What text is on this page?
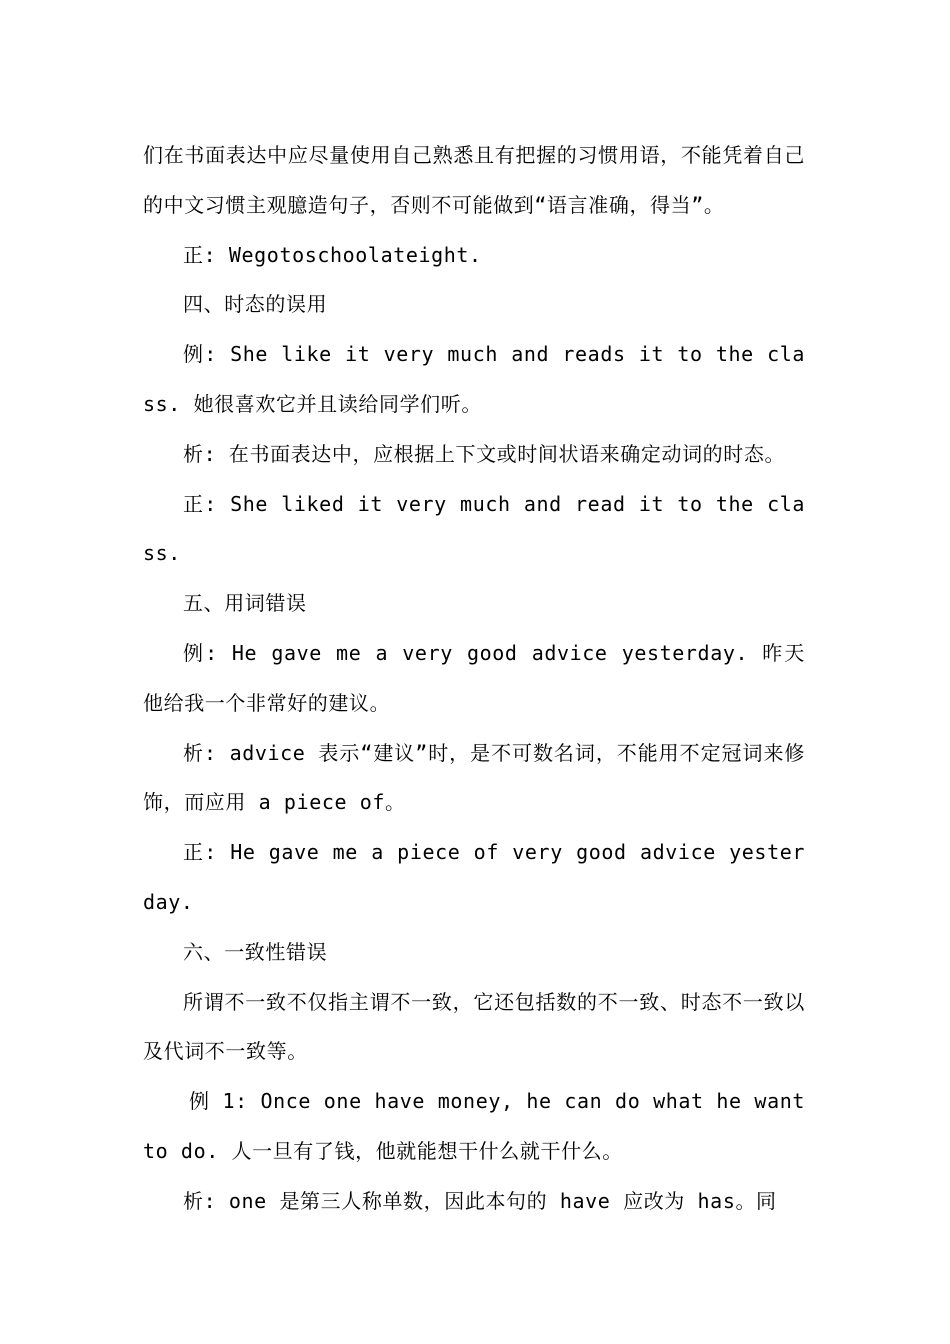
们在书面表达中应尽量使用自己熟悉且有把握的习惯用语，不能凭着自己的中文习惯主观臆造句子，否则不可能做到“语言准确，得当”。

正: Wegotoschoolateight.

四、时态的误用

例: She like it very much and reads it to the class. 她很喜欢它并且读给同学们听。

析: 在书面表达中，应根据上下文或时间状语来确定动词的时态。

正: She liked it very much and read it to the class.

五、用词错误

例: He gave me a very good advice yesterday. 昨天他给我一个非常好的建议。

析: advice 表示“建议”时，是不可数名词，不能用不定冠词来修饰，而应用 a piece of。

正: He gave me a piece of very good advice yesterday.

六、一致性错误

所谓不一致不仅指主谓不一致，它还包括数的不一致、时态不一致以及代词不一致等。

例 1: Once one have money, he can do what he want to do. 人一旦有了钱，他就能想干什么就干什么。

析: one 是第三人称单数，因此本句的 have 应改为 has。同
